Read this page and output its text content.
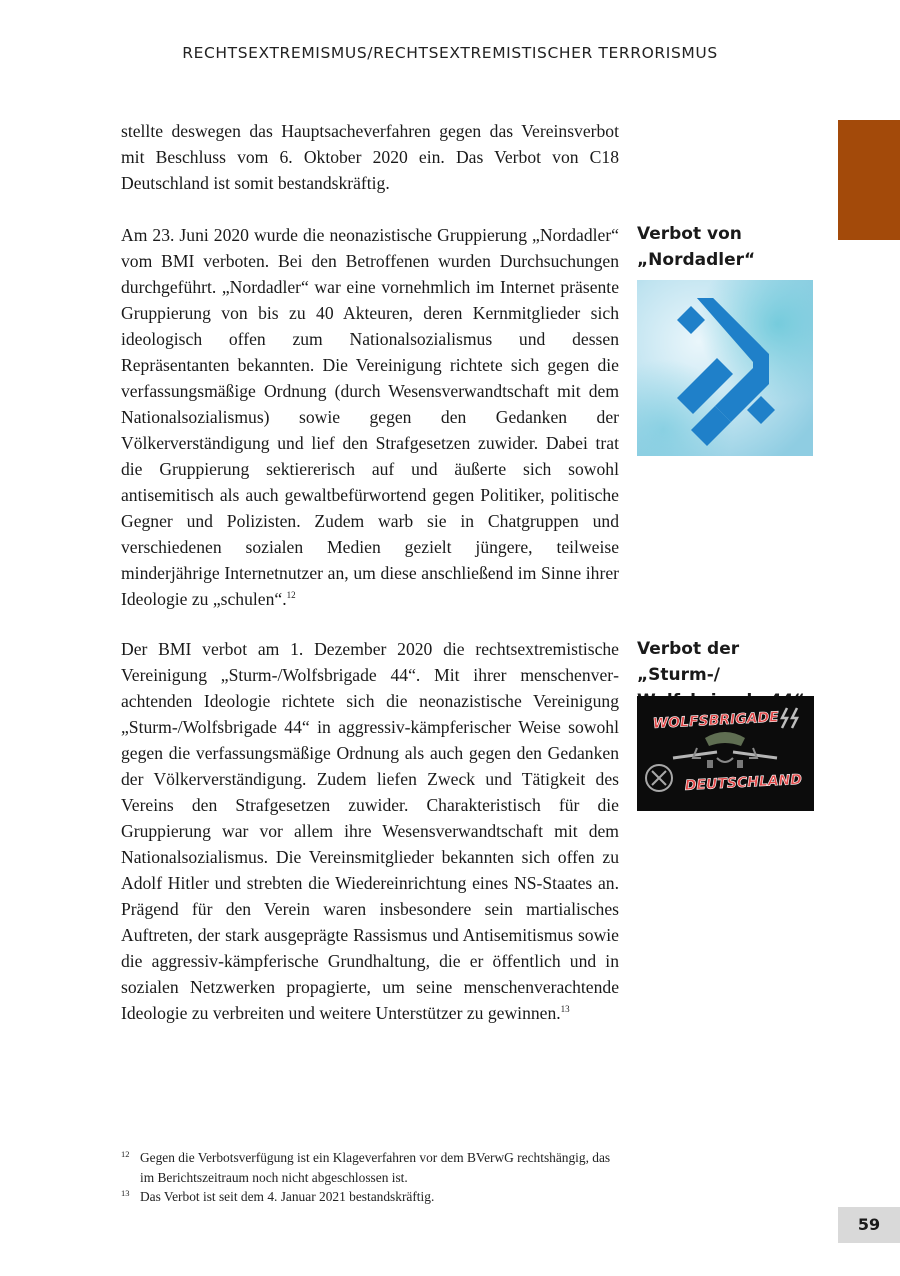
RECHTSEXTREMISMUS/RECHTSEXTREMISTISCHER TERRORISMUS

stellte deswegen das Hauptsacheverfahren gegen das Vereinsverbot mit Beschluss vom 6. Oktober 2020 ein. Das Verbot von C18 Deutschland ist somit bestandskräftig.

Am 23. Juni 2020 wurde die neonazistische Gruppierung „Nordadler“ vom BMI verboten. Bei den Betroffenen wurden Durchsuchungen durchgeführt. „Nordadler“ war eine vornehmlich im Internet präsente Gruppierung von bis zu 40 Akteuren, deren Kernmitglieder sich ideologisch offen zum Nationalsozialismus und dessen Repräsentanten bekannten. Die Vereinigung richtete sich gegen die verfassungsmäßige Ordnung (durch Wesensverwandtschaft mit dem Nationalsozialismus) sowie gegen den Gedanken der Völkerverständigung und lief den Strafgesetzen zuwider. Dabei trat die Gruppierung sektiererisch auf und äußerte sich sowohl antisemitisch als auch gewaltbefürwortend gegen Politiker, politische Gegner und Polizisten. Zudem warb sie in Chatgruppen und verschiedenen sozialen Medien gezielt jüngere, teilweise minderjährige Internetnutzer an, um diese anschließend im Sinne ihrer Ideologie zu „schulen“.$^{12}$

Der BMI verbot am 1. Dezember 2020 die rechtsextremistische Vereinigung „Sturm-/Wolfsbrigade 44“. Mit ihrer menschenverachtenden Ideologie richtete sich die neonazistische Vereinigung „Sturm-/Wolfsbrigade 44“ in aggressiv-kämpferischer Weise sowohl gegen die verfassungsmäßige Ordnung als auch gegen den Gedanken der Völkerverständigung. Zudem liefen Zweck und Tätigkeit des Vereins den Strafgesetzen zuwider. Charakteristisch für die Gruppierung war vor allem ihre Wesensverwandtschaft mit dem Nationalsozialismus. Die Vereinsmitglieder bekannten sich offen zu Adolf Hitler und strebten die Wiedereinrichtung eines NS-Staates an. Prägend für den Verein waren insbesondere sein martialisches Auftreten, der stark ausgeprägte Rassismus und Antisemitismus sowie die aggressiv-kämpferische Grundhaltung, die er öffentlich und in sozialen Netzwerken propagierte, um seine menschenverachtende Ideologie zu verbreiten und weitere Unterstützer zu gewinnen.$^{13}$

Verbot von
„Nordadler“
Verbot der „Sturm-/

WOLFSBRIGADE
DEUTSCHLAND

12 Gegen die Verbotsverfügung ist ein Klageverfahren vor dem BVerwG rechtshängig, das im Berichtszeitraum noch nicht abgeschlossen ist.

13 Das Verbot ist seit dem 4. Januar 2021 bestandskräftig.

59
